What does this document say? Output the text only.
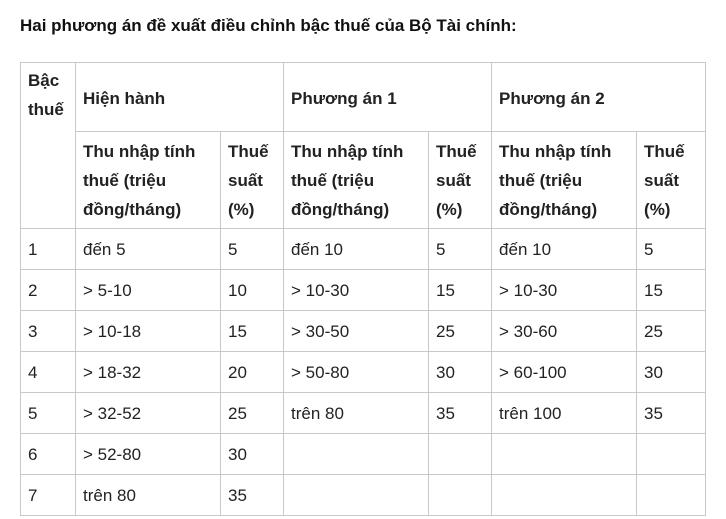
Hai phương án đề xuất điều chỉnh bậc thuế của Bộ Tài chính:
Bậc thuế	Hiện hành		Phương án 1		Phương án 2	
	Thu nhập tính thuế (triệu đồng/tháng)	Thuế suất (%)	Thu nhập tính thuế (triệu đồng/tháng)	Thuế suất (%)	Thu nhập tính thuế (triệu đồng/tháng)	Thuế suất (%)
1	đến 5	5	đến 10	5	đến 10	5
2	> 5-10	10	> 10-30	15	> 10-30	15
3	> 10-18	15	> 30-50	25	> 30-60	25
4	> 18-32	20	> 50-80	30	> 60-100	30
5	> 32-52	25	trên 80	35	trên 100	35
6	> 52-80	30				
7	trên 80	35				
